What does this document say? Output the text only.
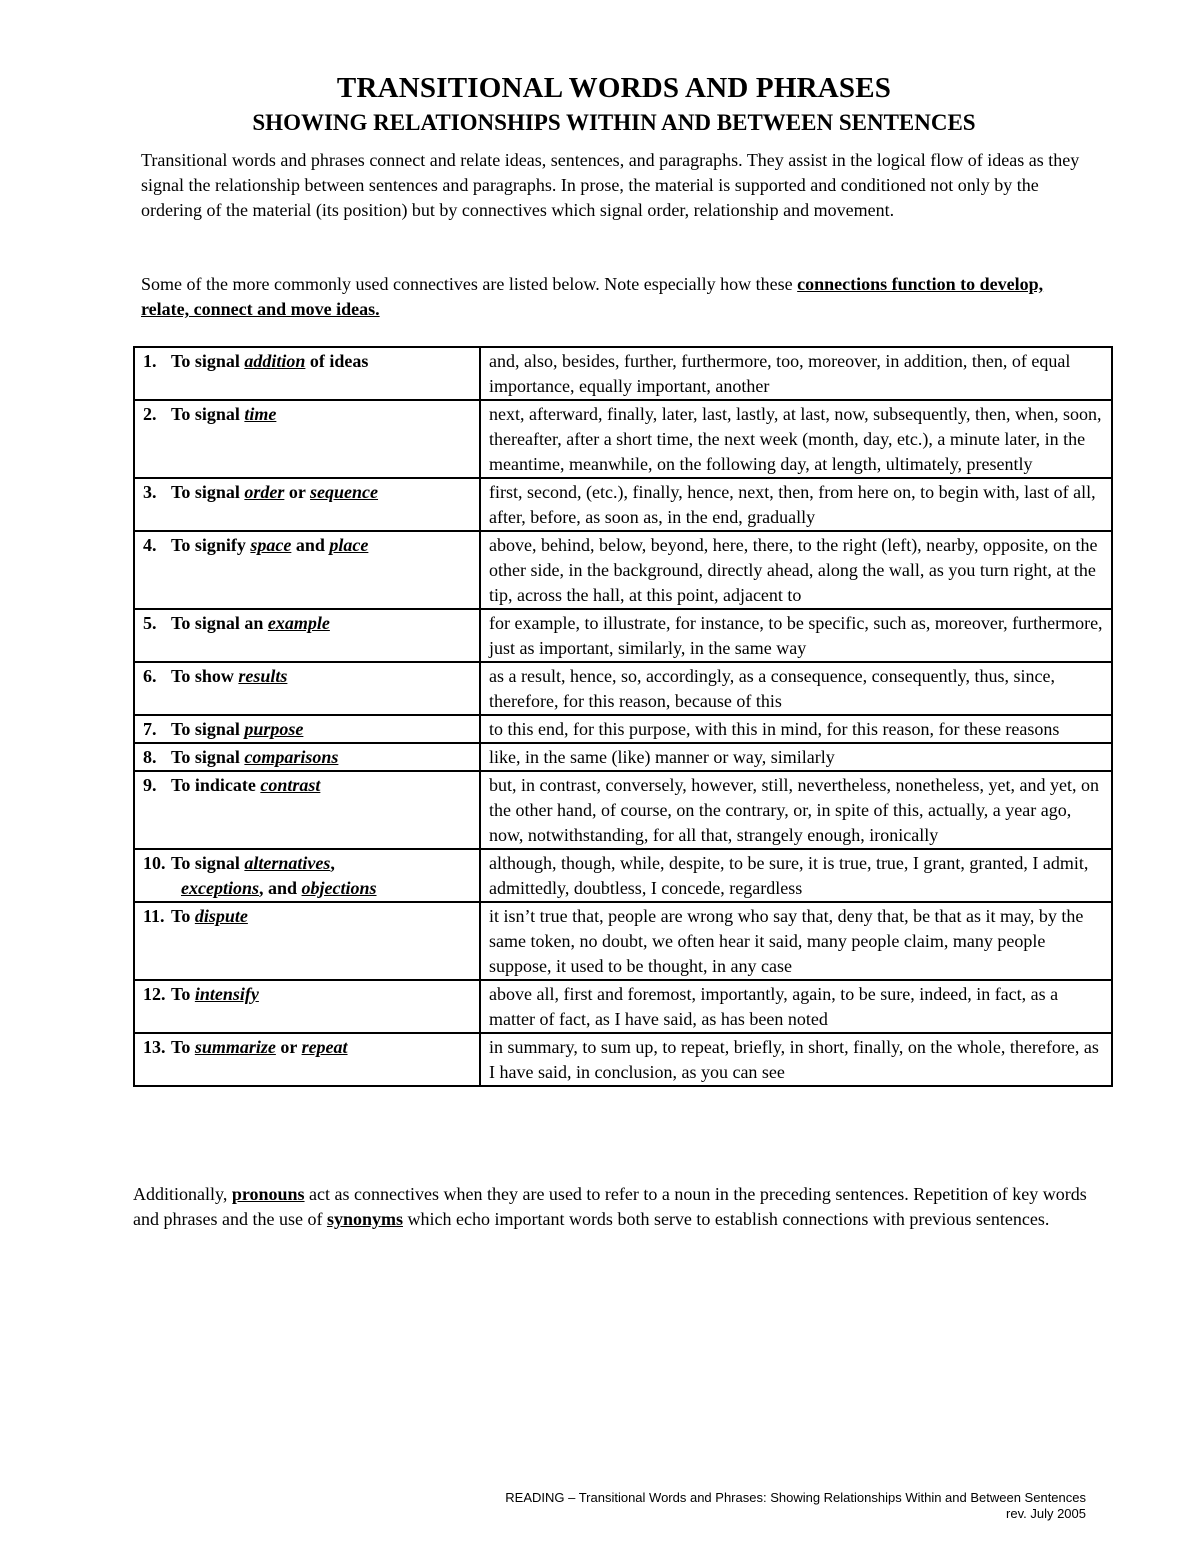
TRANSITIONAL WORDS AND PHRASES
SHOWING RELATIONSHIPS WITHIN AND BETWEEN SENTENCES

Transitional words and phrases connect and relate ideas, sentences, and paragraphs. They assist in the logical flow of ideas as they signal the relationship between sentences and paragraphs. In prose, the material is supported and conditioned not only by the ordering of the material (its position) but by connectives which signal order, relationship and movement.

Some of the more commonly used connectives are listed below. Note especially how these connections function to develop, relate, connect and move ideas.

1. To signal addition of ideas	and, also, besides, further, furthermore, too, moreover, in addition, then, of equal importance, equally important, another
2. To signal time	next, afterward, finally, later, last, lastly, at last, now, subsequently, then, when, soon, thereafter, after a short time, the next week (month, day, etc.), a minute later, in the meantime, meanwhile, on the following day, at length, ultimately, presently
3. To signal order or sequence	first, second, (etc.), finally, hence, next, then, from here on, to begin with, last of all, after, before, as soon as, in the end, gradually
4. To signify space and place	above, behind, below, beyond, here, there, to the right (left), nearby, opposite, on the other side, in the background, directly ahead, along the wall, as you turn right, at the tip, across the hall, at this point, adjacent to
5. To signal an example	for example, to illustrate, for instance, to be specific, such as, moreover, furthermore, just as important, similarly, in the same way
6. To show results	as a result, hence, so, accordingly, as a consequence, consequently, thus, since, therefore, for this reason, because of this
7. To signal purpose	to this end, for this purpose, with this in mind, for this reason, for these reasons
8. To signal comparisons	like, in the same (like) manner or way, similarly
9. To indicate contrast	but, in contrast, conversely, however, still, nevertheless, nonetheless, yet, and yet, on the other hand, of course, on the contrary, or, in spite of this, actually, a year ago, now, notwithstanding, for all that, strangely enough, ironically
10. To signal alternatives,
exceptions, and objections	although, though, while, despite, to be sure, it is true, true, I grant, granted, I admit, admittedly, doubtless, I concede, regardless
11. To dispute	it isn’t true that, people are wrong who say that, deny that, be that as it may, by the same token, no doubt, we often hear it said, many people claim, many people suppose, it used to be thought, in any case
12. To intensify	above all, first and foremost, importantly, again, to be sure, indeed, in fact, as a matter of fact, as I have said, as has been noted
13. To summarize or repeat	in summary, to sum up, to repeat, briefly, in short, finally, on the whole, therefore, as I have said, in conclusion, as you can see

Additionally, pronouns act as connectives when they are used to refer to a noun in the preceding sentences. Repetition of key words and phrases and the use of synonyms which echo important words both serve to establish connections with previous sentences.

READING – Transitional Words and Phrases: Showing Relationships Within and Between Sentences
rev. July 2005
